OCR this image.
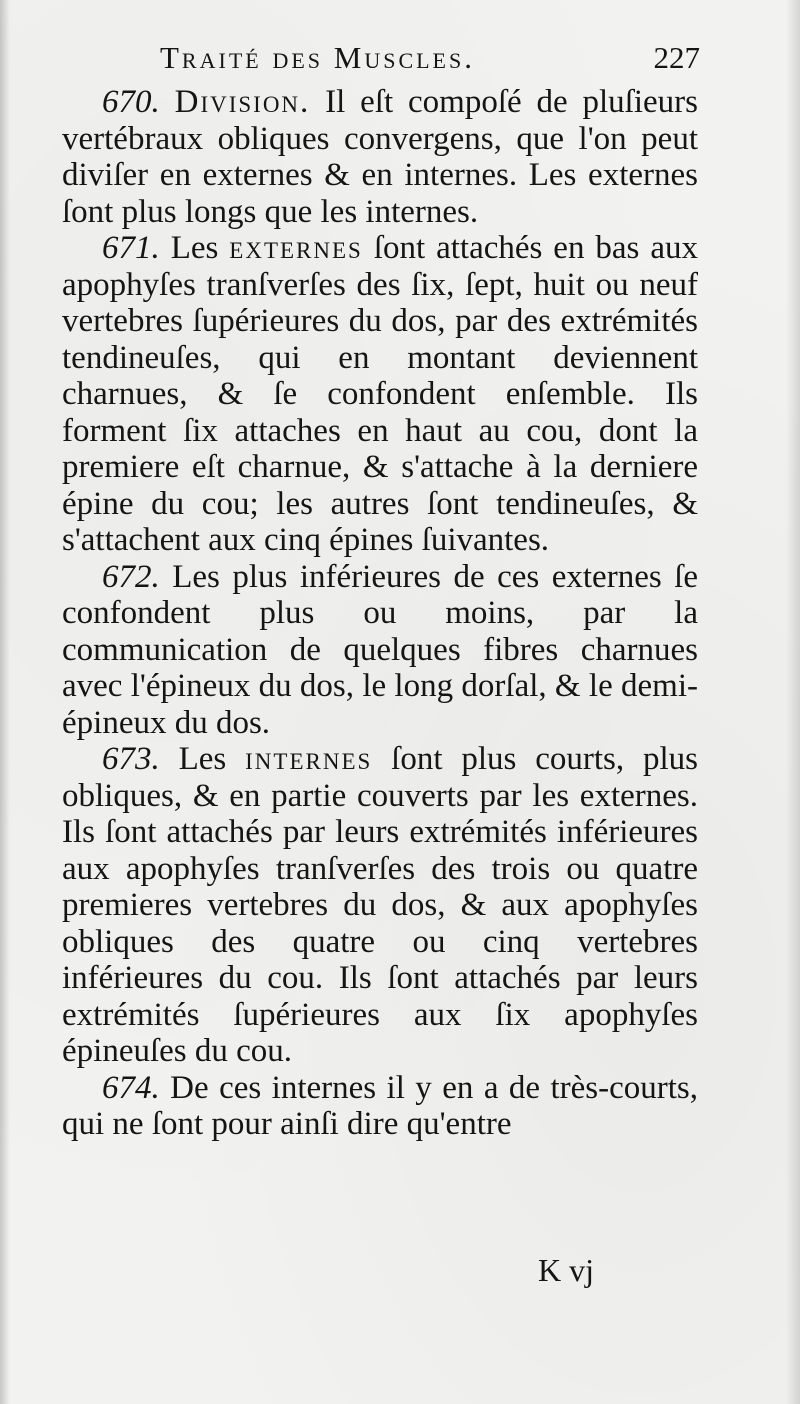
Traité des Muscles.	227

670. Division. Il eſt compoſé de pluſieurs vertébraux obliques convergens, que l'on peut diviſer en externes & en internes. Les externes ſont plus longs que les internes.

671. Les externes ſont attachés en bas aux apophyſes tranſverſes des ſix, ſept, huit ou neuf vertebres ſupérieures du dos, par des extrémités tendineuſes, qui en montant deviennent charnues, & ſe confondent enſemble. Ils forment ſix attaches en haut au cou, dont la premiere eſt charnue, & s'attache à la derniere épine du cou; les autres ſont tendineuſes, & s'attachent aux cinq épines ſuivantes.

672. Les plus inférieures de ces externes ſe confondent plus ou moins, par la communication de quelques fibres charnues avec l'épineux du dos, le long dorſal, & le demi-épineux du dos.

673. Les internes ſont plus courts, plus obliques, & en partie couverts par les externes. Ils ſont attachés par leurs extrémités inférieures aux apophyſes tranſverſes des trois ou quatre premieres vertebres du dos, & aux apophyſes obliques des quatre ou cinq vertebres inférieures du cou. Ils ſont attachés par leurs extrémités ſupérieures aux ſix apophyſes épineuſes du cou.

674. De ces internes il y en a de très-courts, qui ne ſont pour ainſi dire qu'entre

K vj
